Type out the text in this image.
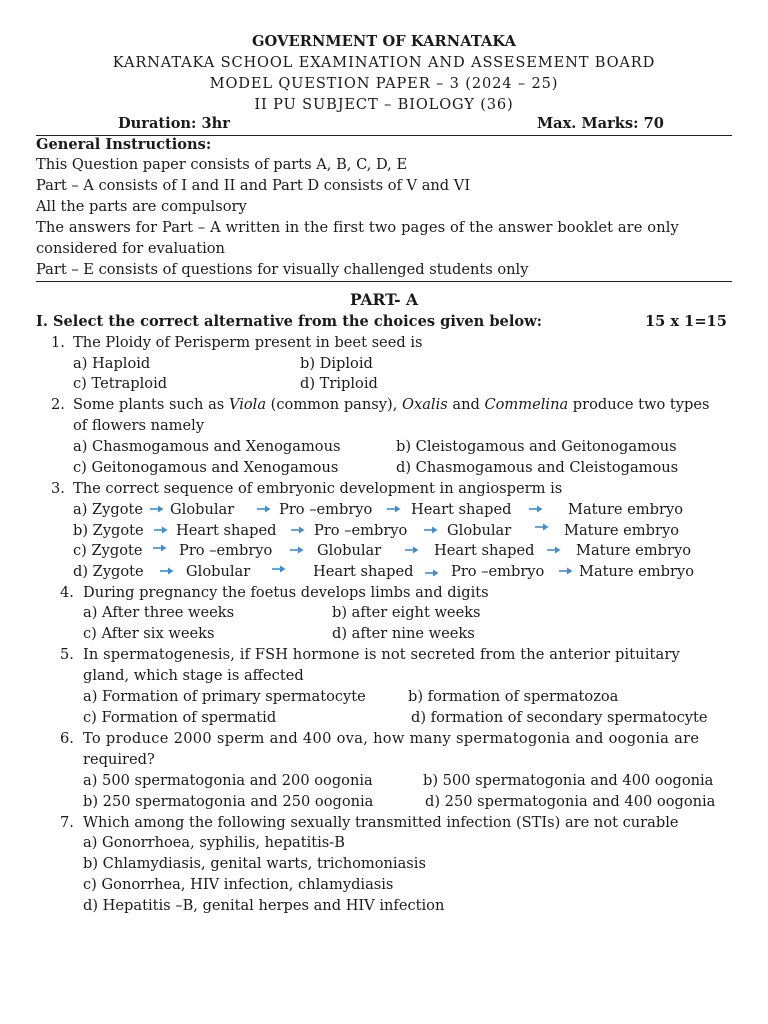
GOVERNMENT OF KARNATAKA
KARNATAKA SCHOOL EXAMINATION AND ASSESEMENT BOARD
MODEL QUESTION PAPER – 3 (2024 – 25)
II PU SUBJECT – BIOLOGY (36)
Duration: 3hr	Max. Marks: 70
General Instructions:
This Question paper consists of parts A, B, C, D, E
Part – A consists of I and II and Part D consists of V and VI
All the parts are compulsory
The answers for Part – A written in the first two pages of the answer booklet are only
considered for evaluation
Part – E consists of questions for visually challenged students only
PART- A
I. Select the correct alternative from the choices given below:	15 x 1=15
1. The Ploidy of Perisperm present in beet seed is
a) Haploid	b) Diploid
c) Tetraploid	d) Triploid
2. Some plants such as Viola (common pansy), Oxalis and Commelina produce two types
of flowers namely
a) Chasmogamous and Xenogamous	b) Cleistogamous and Geitonogamous
c) Geitonogamous and Xenogamous	d) Chasmogamous and Cleistogamous
3. The correct sequence of embryonic development in angiosperm is
a) Zygote Globular	Pro –embryo	Heart shaped	Mature embryo
b) Zygote Heart shaped	Pro –embryo	Globular	Mature embryo
c) Zygote Pro –embryo	Globular	Heart shaped	Mature embryo
d) Zygote	Globular	Heart shaped	Pro –embryo Mature embryo
4. During pregnancy the foetus develops limbs and digits
a) After three weeks	b) after eight weeks
c) After six weeks	d) after nine weeks
5. In spermatogenesis, if FSH hormone is not secreted from the anterior pituitary
gland, which stage is affected
a) Formation of primary spermatocyte	b) formation of spermatozoa
c) Formation of spermatid	d) formation of secondary spermatocyte
6. To produce 2000 sperm and 400 ova, how many spermatogonia and oogonia are
required?
a) 500 spermatogonia and 200 oogonia	b) 500 spermatogonia and 400 oogonia
b) 250 spermatogonia and 250 oogonia	d) 250 spermatogonia and 400 oogonia
7. Which among the following sexually transmitted infection (STIs) are not curable
a) Gonorrhoea, syphilis, hepatitis-B
b) Chlamydiasis, genital warts, trichomoniasis
c) Gonorrhea, HIV infection, chlamydiasis
d) Hepatitis –B, genital herpes and HIV infection
